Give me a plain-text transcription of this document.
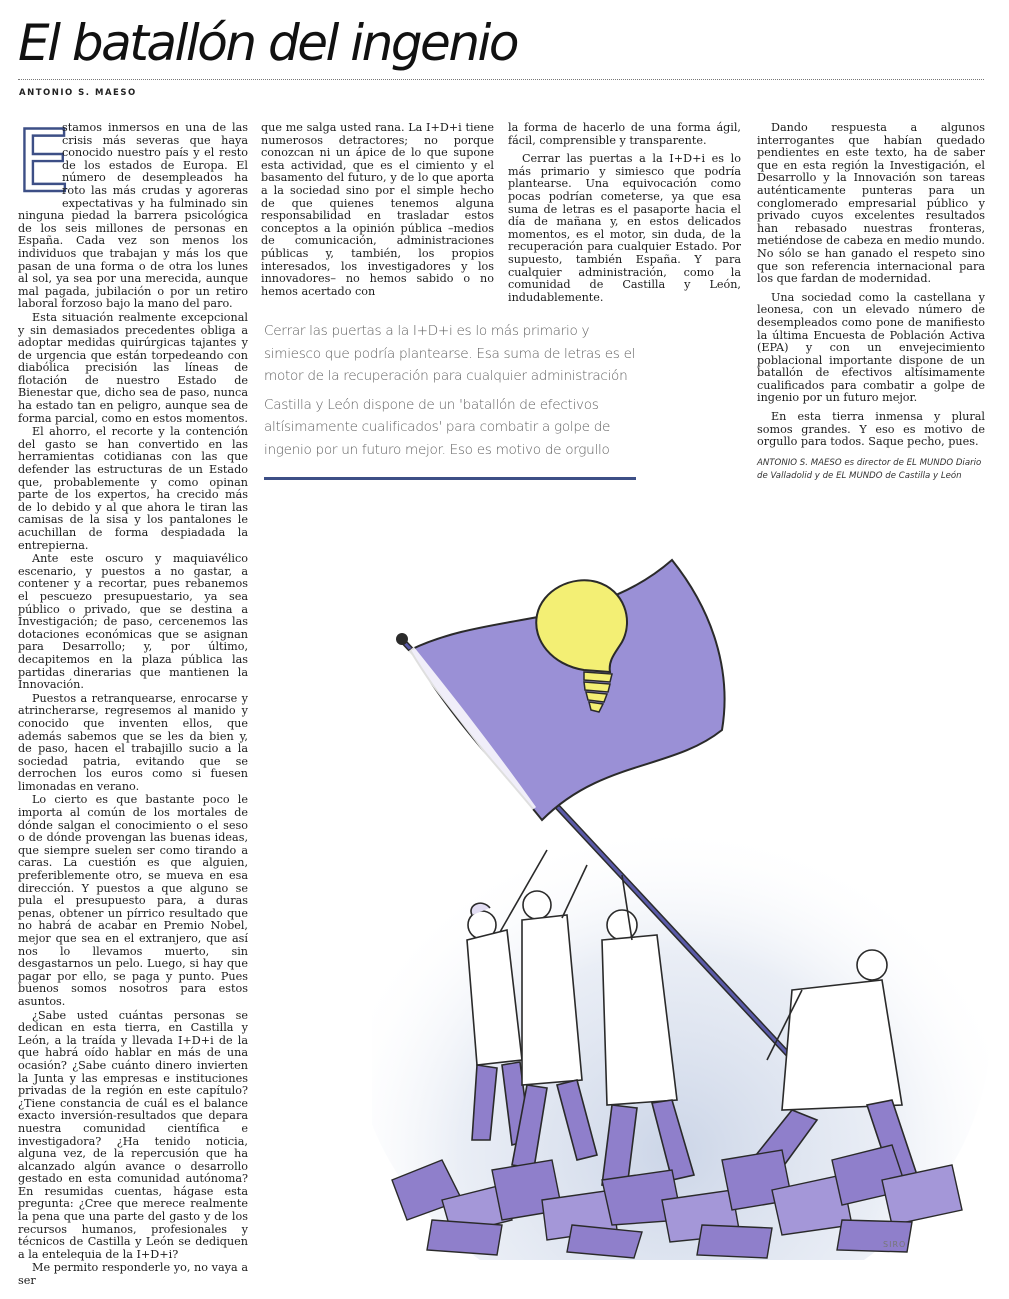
El batallón del ingenio
ANTONIO S. MAESO
E

stamos inmersos en una de las crisis más severas que haya conocido nuestro país y el resto de los estados de Europa. El número de desempleados ha roto las más crudas y agoreras expectativas y ha fulminado sin ninguna piedad la barrera psicológica de los seis millones de personas en España. Cada vez son menos los individuos que trabajan y más los que pasan de una forma o de otra los lunes al sol, ya sea por una merecida, aunque mal pagada, jubilación o por un retiro laboral forzoso bajo la mano del paro.

Esta situación realmente excepcional y sin demasiados precedentes obliga a adoptar medidas quirúrgicas tajantes y de urgencia que están torpedeando con diabólica precisión las líneas de flotación de nuestro Estado de Bienestar que, dicho sea de paso, nunca ha estado tan en peligro, aunque sea de forma parcial, como en estos momentos.

El ahorro, el recorte y la contención del gasto se han convertido en las herramientas cotidianas con las que defender las estructuras de un Estado que, probablemente y como opinan parte de los expertos, ha crecido más de lo debido y al que ahora le tiran las camisas de la sisa y los pantalones le acuchillan de forma despiadada la entrepierna.

Ante este oscuro y maquiavélico escenario, y puestos a no gastar, a contener y a recortar, pues rebanemos el pescuezo presupuestario, ya sea público o privado, que se destina a Investigación; de paso, cercenemos las dotaciones económicas que se asignan para Desarrollo; y, por último, decapitemos en la plaza pública las partidas dinerarias que mantienen la Innovación.

Puestos a retranquearse, enrocarse y atrincherarse, regresemos al manido y conocido que inventen ellos, que además sabemos que se les da bien y, de paso, hacen el trabajillo sucio a la sociedad patria, evitando que se derrochen los euros como si fuesen limonadas en verano.

Lo cierto es que bastante poco le importa al común de los mortales de dónde salgan el conocimiento o el seso o de dónde provengan las buenas ideas, que siempre suelen ser como tirando a caras. La cuestión es que alguien, preferiblemente otro, se mueva en esa dirección. Y puestos a que alguno se pula el presupuesto para, a duras penas, obtener un pírrico resultado que no habrá de acabar en Premio Nobel, mejor que sea en el extranjero, que así nos lo llevamos muerto, sin desgastarnos un pelo. Luego, si hay que pagar por ello, se paga y punto. Pues buenos somos nosotros para estos asuntos.

¿Sabe usted cuántas personas se dedican en esta tierra, en Castilla y León, a la traída y llevada I+D+i de la que habrá oído hablar en más de una ocasión? ¿Sabe cuánto dinero invierten la Junta y las empresas e instituciones privadas de la región en este capítulo? ¿Tiene constancia de cuál es el balance exacto inversión-resultados que depara nuestra comunidad científica e investigadora? ¿Ha tenido noticia, alguna vez, de la repercusión que ha alcanzado algún avance o desarrollo gestado en esta comunidad autónoma? En resumidas cuentas, hágase esta pregunta: ¿Cree que merece realmente la pena que una parte del gasto y de los recursos humanos, profesionales y técnicos de Castilla y León se dediquen a la entelequia de la I+D+i?

Me permito responderle yo, no vaya a ser

que me salga usted rana. La I+D+i tiene numerosos detractores; no porque conozcan ni un ápice de lo que supone esta actividad, que es el cimiento y el basamento del futuro, y de lo que aporta a la sociedad sino por el simple hecho de que quienes tenemos alguna responsabilidad en trasladar estos conceptos a la opinión pública –medios de comunicación, administraciones públicas y, también, los propios interesados, los investigadores y los innovadores– no hemos sabido o no hemos acertado con

la forma de hacerlo de una forma ágil, fácil, comprensible y transparente.

Cerrar las puertas a la I+D+i es lo más primario y simiesco que podría plantearse. Una equivocación como pocas podrían cometerse, ya que esa suma de letras es el pasaporte hacia el día de mañana y, en estos delicados momentos, es el motor, sin duda, de la recuperación para cualquier Estado. Por supuesto, también España. Y para cualquier administración, como la comunidad de Castilla y León, indudablemente.

Dando respuesta a algunos interrogantes que habían quedado pendientes en este texto, ha de saber que en esta región la Investigación, el Desarrollo y la Innovación son tareas auténticamente punteras para un conglomerado empresarial público y privado cuyos excelentes resultados han rebasado nuestras fronteras, metiéndose de cabeza en medio mundo. No sólo se han ganado el respeto sino que son referencia internacional para los que fardan de modernidad.

Una sociedad como la castellana y leonesa, con un elevado número de desempleados como pone de manifiesto la última Encuesta de Población Activa (EPA) y con un envejecimiento poblacional importante dispone de un batallón de efectivos altísimamente cualificados para combatir a golpe de ingenio por un futuro mejor.

En esta tierra inmensa y plural somos grandes. Y eso es motivo de orgullo para todos. Saque pecho, pues.

Cerrar las puertas a la I+D+i es lo más primario y simiesco que podría plantearse. Esa suma de letras es el motor de la recuperación para cualquier administración

Castilla y León dispone de un 'batallón de efectivos altísimamente cualificados' para combatir a golpe de ingenio por un futuro mejor. Eso es motivo de orgullo

ANTONIO S. MAESO es director de EL MUNDO Diario de Valladolid y de EL MUNDO de Castilla y León
SIRO
